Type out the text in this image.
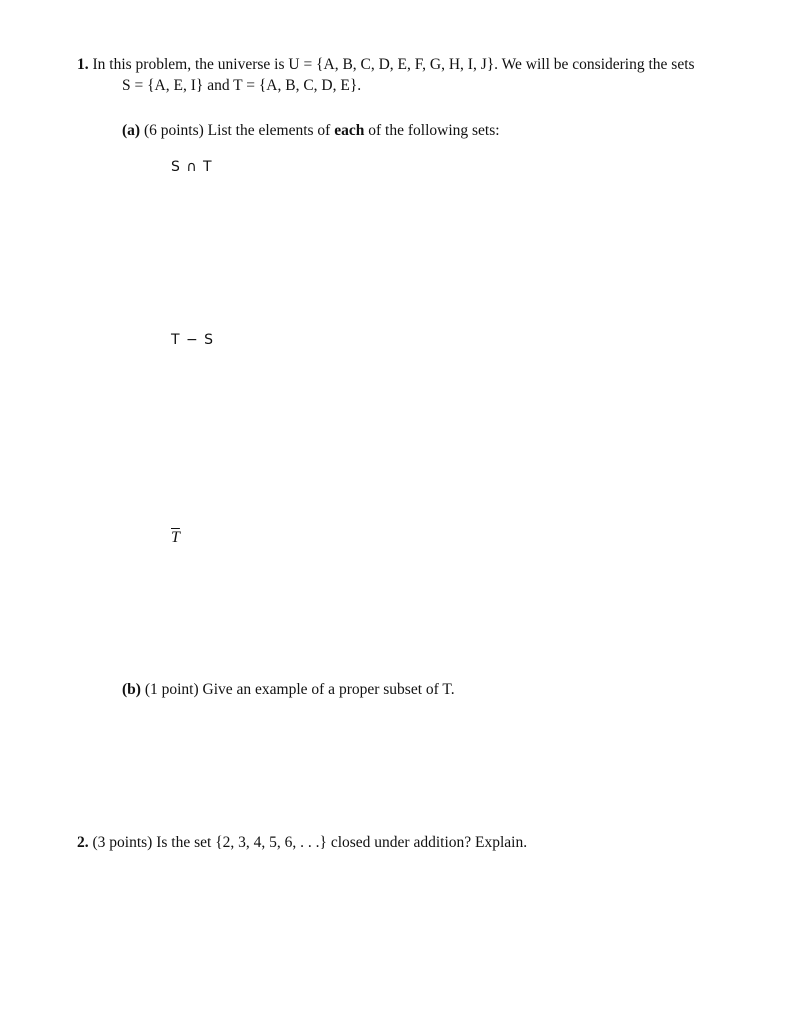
1. In this problem, the universe is U = {A, B, C, D, E, F, G, H, I, J}. We will be considering the sets
S = {A, E, I} and T = {A, B, C, D, E}.
(a) (6 points) List the elements of each of the following sets:
S ∩ T
T − S
$\overline{T}$
(b) (1 point) Give an example of a proper subset of T.
2. (3 points) Is the set {2, 3, 4, 5, 6, . . .} closed under addition? Explain.
